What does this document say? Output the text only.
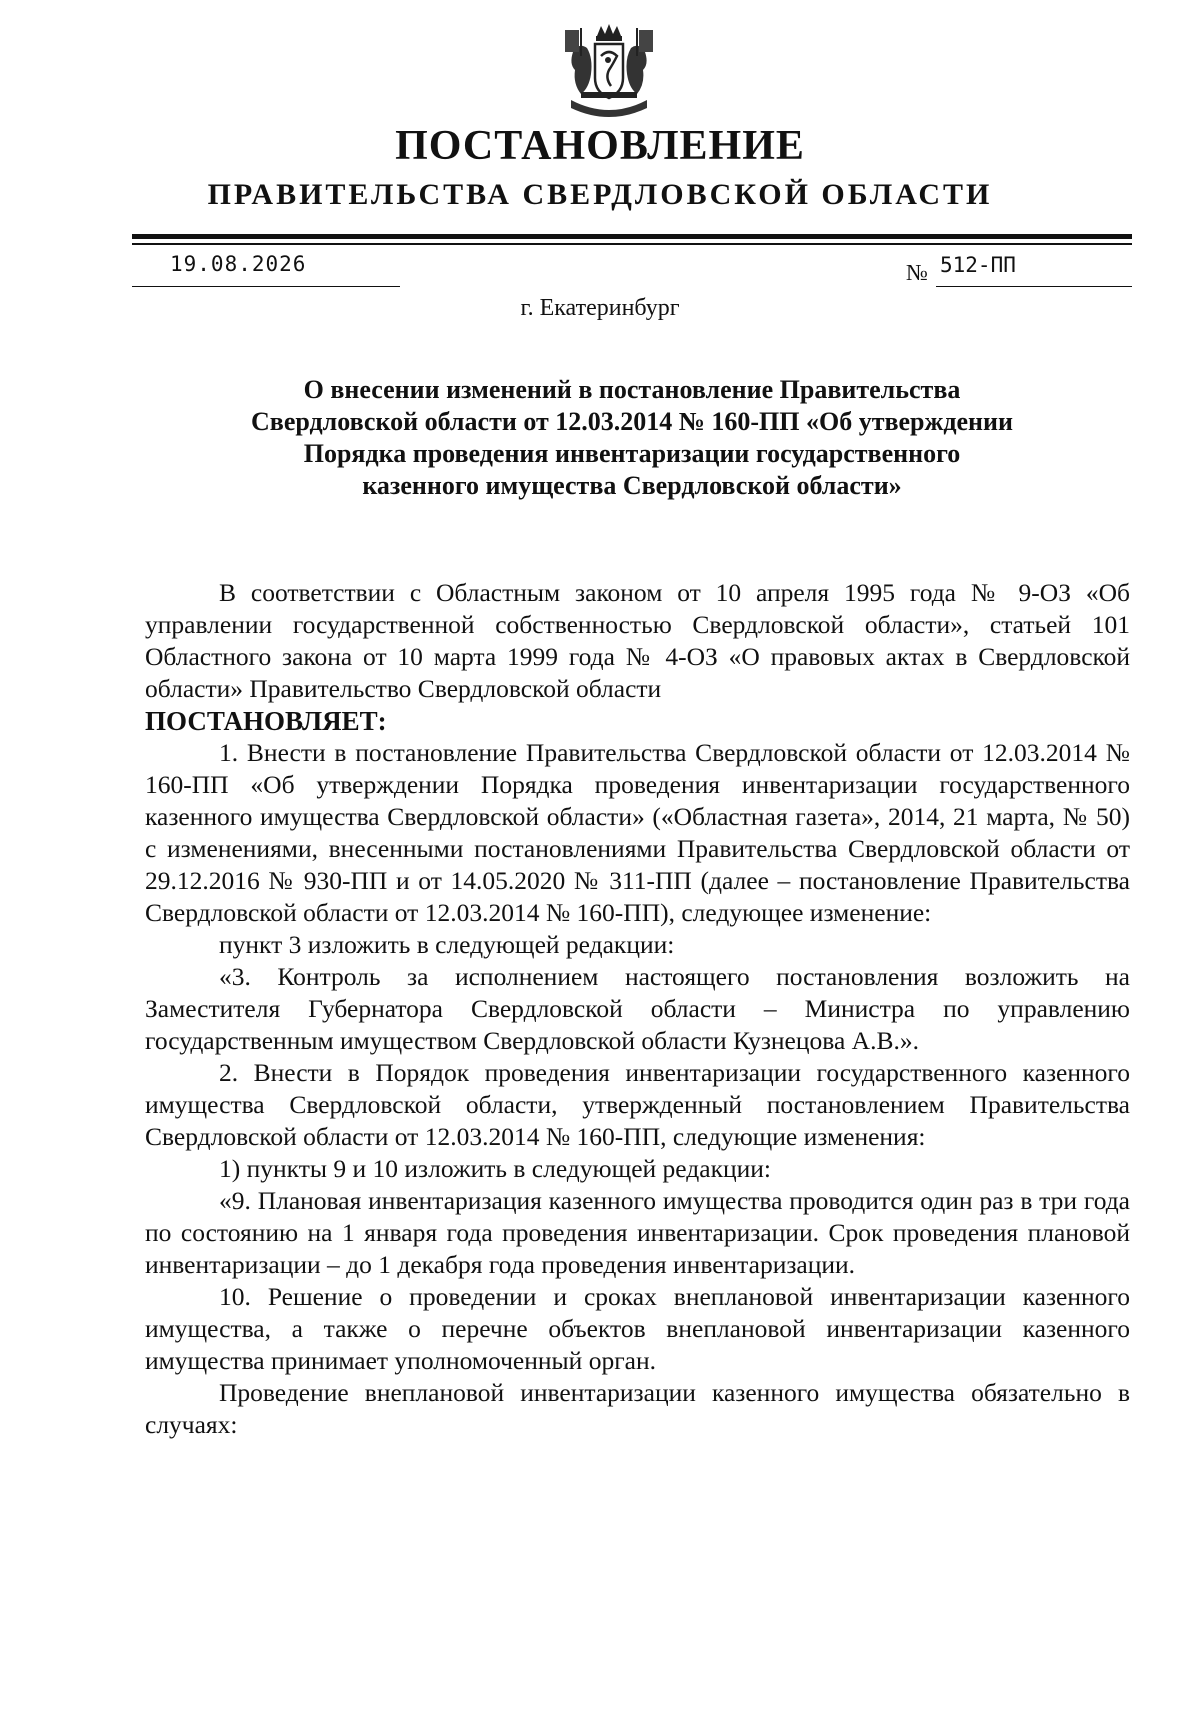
ПОСТАНОВЛЕНИЕ
ПРАВИТЕЛЬСТВА СВЕРДЛОВСКОЙ ОБЛАСТИ
19.08.2026	№ 512-ПП
г. Екатеринбург
О внесении изменений в постановление Правительства
Свердловской области от 12.03.2014 № 160-ПП «Об утверждении
Порядка проведения инвентаризации государственного
казенного имущества Свердловской области»

В соответствии с Областным законом от 10 апреля 1995 года № 9-ОЗ «Об управлении государственной собственностью Свердловской области», статьей 101 Областного закона от 10 марта 1999 года № 4-ОЗ «О правовых актах в Свердловской области» Правительство Свердловской области

ПОСТАНОВЛЯЕТ:

1. Внести в постановление Правительства Свердловской области от 12.03.2014 № 160-ПП «Об утверждении Порядка проведения инвентаризации государственного казенного имущества Свердловской области» («Областная газета», 2014, 21 марта, № 50) с изменениями, внесенными постановлениями Правительства Свердловской области от 29.12.2016 № 930-ПП и от 14.05.2020 № 311-ПП (далее – постановление Правительства Свердловской области от 12.03.2014 № 160-ПП), следующее изменение:

пункт 3 изложить в следующей редакции:

«3. Контроль за исполнением настоящего постановления возложить на Заместителя Губернатора Свердловской области – Министра по управлению государственным имуществом Свердловской области Кузнецова А.В.».

2. Внести в Порядок проведения инвентаризации государственного казенного имущества Свердловской области, утвержденный постановлением Правительства Свердловской области от 12.03.2014 № 160-ПП, следующие изменения:

1) пункты 9 и 10 изложить в следующей редакции:

«9. Плановая инвентаризация казенного имущества проводится один раз в три года по состоянию на 1 января года проведения инвентаризации. Срок проведения плановой инвентаризации – до 1 декабря года проведения инвентаризации.

10. Решение о проведении и сроках внеплановой инвентаризации казенного имущества, а также о перечне объектов внеплановой инвентаризации казенного имущества принимает уполномоченный орган.

Проведение внеплановой инвентаризации казенного имущества обязательно в случаях:
